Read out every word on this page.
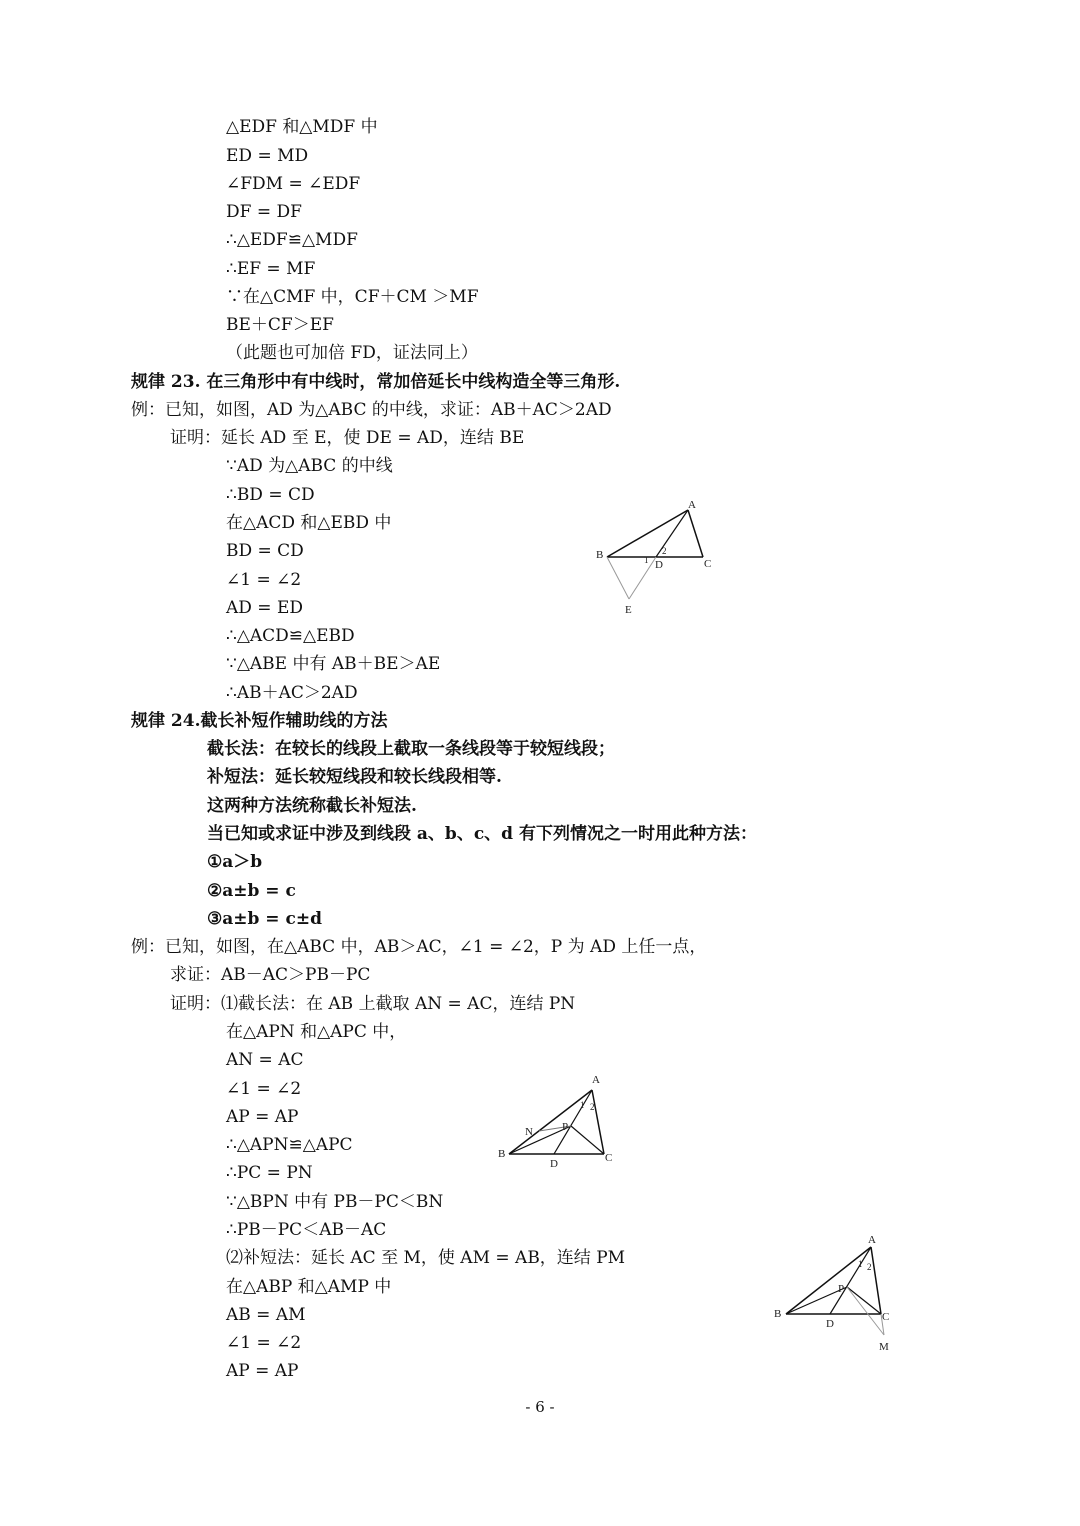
△EDF 和△MDF 中
ED = MD
∠FDM = ∠EDF
DF = DF
∴△EDF≌△MDF
∴EF = MF
∵在△CMF 中，CF＋CM ＞MF
BE＋CF＞EF
（此题也可加倍 FD，证法同上）
规律 23. 在三角形中有中线时，常加倍延长中线构造全等三角形.
例：已知，如图，AD 为△ABC 的中线，求证：AB＋AC＞2AD
证明：延长 AD 至 E，使 DE = AD，连结 BE
∵AD 为△ABC 的中线
∴BD = CD
在△ACD 和△EBD 中
BD = CD
∠1 = ∠2
AD = ED
∴△ACD≌△EBD
∵△ABE 中有 AB＋BE＞AE
∴AB＋AC＞2AD
规律 24.截长补短作辅助线的方法
截长法：在较长的线段上截取一条线段等于较短线段；
补短法：延长较短线段和较长线段相等.
这两种方法统称截长补短法.
当已知或求证中涉及到线段 a、b、c、d 有下列情况之一时用此种方法：
①a＞b
②a±b = c
③a±b = c±d
例：已知，如图，在△ABC 中，AB＞AC，∠1 = ∠2，P 为 AD 上任一点，
求证：AB－AC＞PB－PC
证明：⑴截长法：在 AB 上截取 AN = AC，连结 PN
在△APN 和△APC 中，
AN = AC
∠1 = ∠2
AP = AP
∴△APN≌△APC
∴PC = PN
∵△BPN 中有 PB－PC＜BN
∴PB－PC＜AB－AC
⑵补短法：延长 AC 至 M，使 AM = AB，连结 PM
在△ABP 和△AMP 中
AB = AM
∠1 = ∠2
AP = AP
A
B
C
D
E
1
2
A
B	C
D
N	P
1 2
A
B	C
D
P
M
1 2
- 6 -
